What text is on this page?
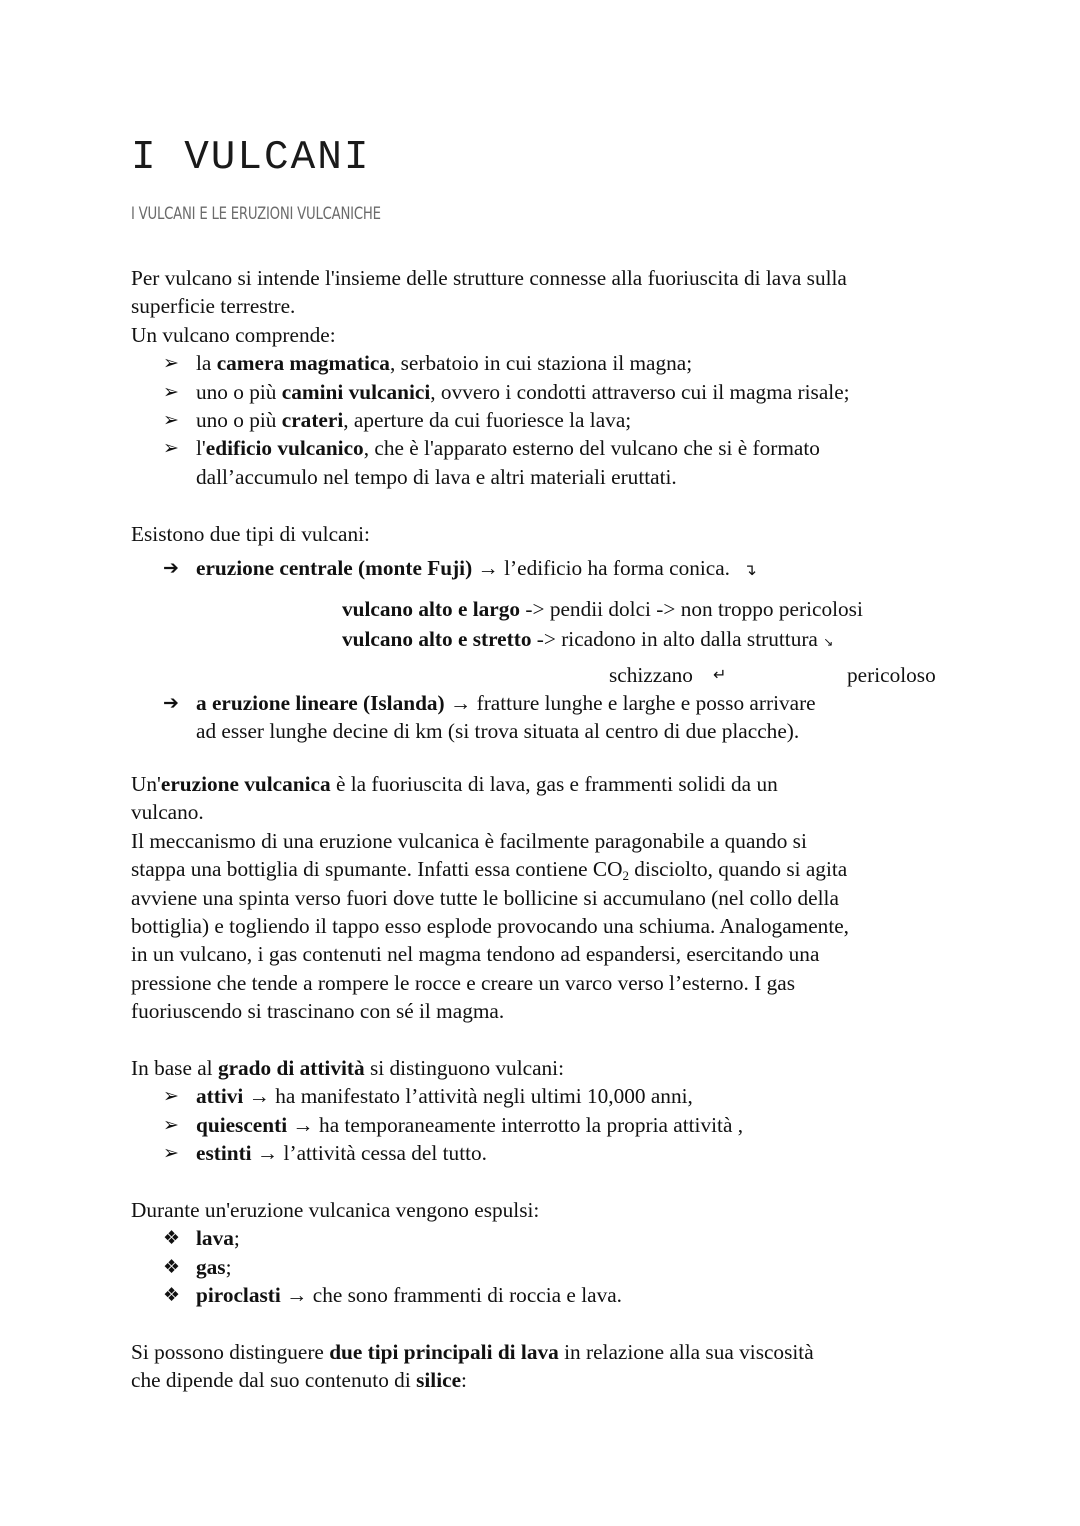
I VULCANI
I VULCANI E LE ERUZIONI VULCANICHE
Per vulcano si intende l'insieme delle strutture connesse alla fuoriuscita di lava sulla
superficie terrestre.
Un vulcano comprende:
➢ la camera magmatica, serbatoio in cui staziona il magna;
➢ uno o più camini vulcanici, ovvero i condotti attraverso cui il magma risale;
➢ uno o più crateri, aperture da cui fuoriesce la lava;
➢ l'edificio vulcanico, che è l'apparato esterno del vulcano che si è formato
dall’accumulo nel tempo di lava e altri materiali eruttati.
Esistono due tipi di vulcani:
➔ eruzione centrale (monte Fuji) → l’edificio ha forma conica. ↴
vulcano alto e largo -> pendii dolci -> non troppo pericolosi
vulcano alto e stretto -> ricadono in alto dalla struttura ↘
schizzano ↵	pericoloso
➔ a eruzione lineare (Islanda) → fratture lunghe e larghe e posso arrivare
ad esser lunghe decine di km (si trova situata al centro di due placche).
Un'eruzione vulcanica è la fuoriuscita di lava, gas e frammenti solidi da un
vulcano.
Il meccanismo di una eruzione vulcanica è facilmente paragonabile a quando si
stappa una bottiglia di spumante. Infatti essa contiene CO2 disciolto, quando si agita
avviene una spinta verso fuori dove tutte le bollicine si accumulano (nel collo della
bottiglia) e togliendo il tappo esso esplode provocando una schiuma. Analogamente,
in un vulcano, i gas contenuti nel magma tendono ad espandersi, esercitando una
pressione che tende a rompere le rocce e creare un varco verso l’esterno. I gas
fuoriuscendo si trascinano con sé il magma.
In base al grado di attività si distinguono vulcani:
➢ attivi → ha manifestato l’attività negli ultimi 10,000 anni,
➢ quiescenti → ha temporaneamente interrotto la propria attività ,
➢ estinti → l’attività cessa del tutto.
Durante un'eruzione vulcanica vengono espulsi:
❖ lava;
❖ gas;
❖ piroclasti → che sono frammenti di roccia e lava.
Si possono distinguere due tipi principali di lava in relazione alla sua viscosità
che dipende dal suo contenuto di silice:
